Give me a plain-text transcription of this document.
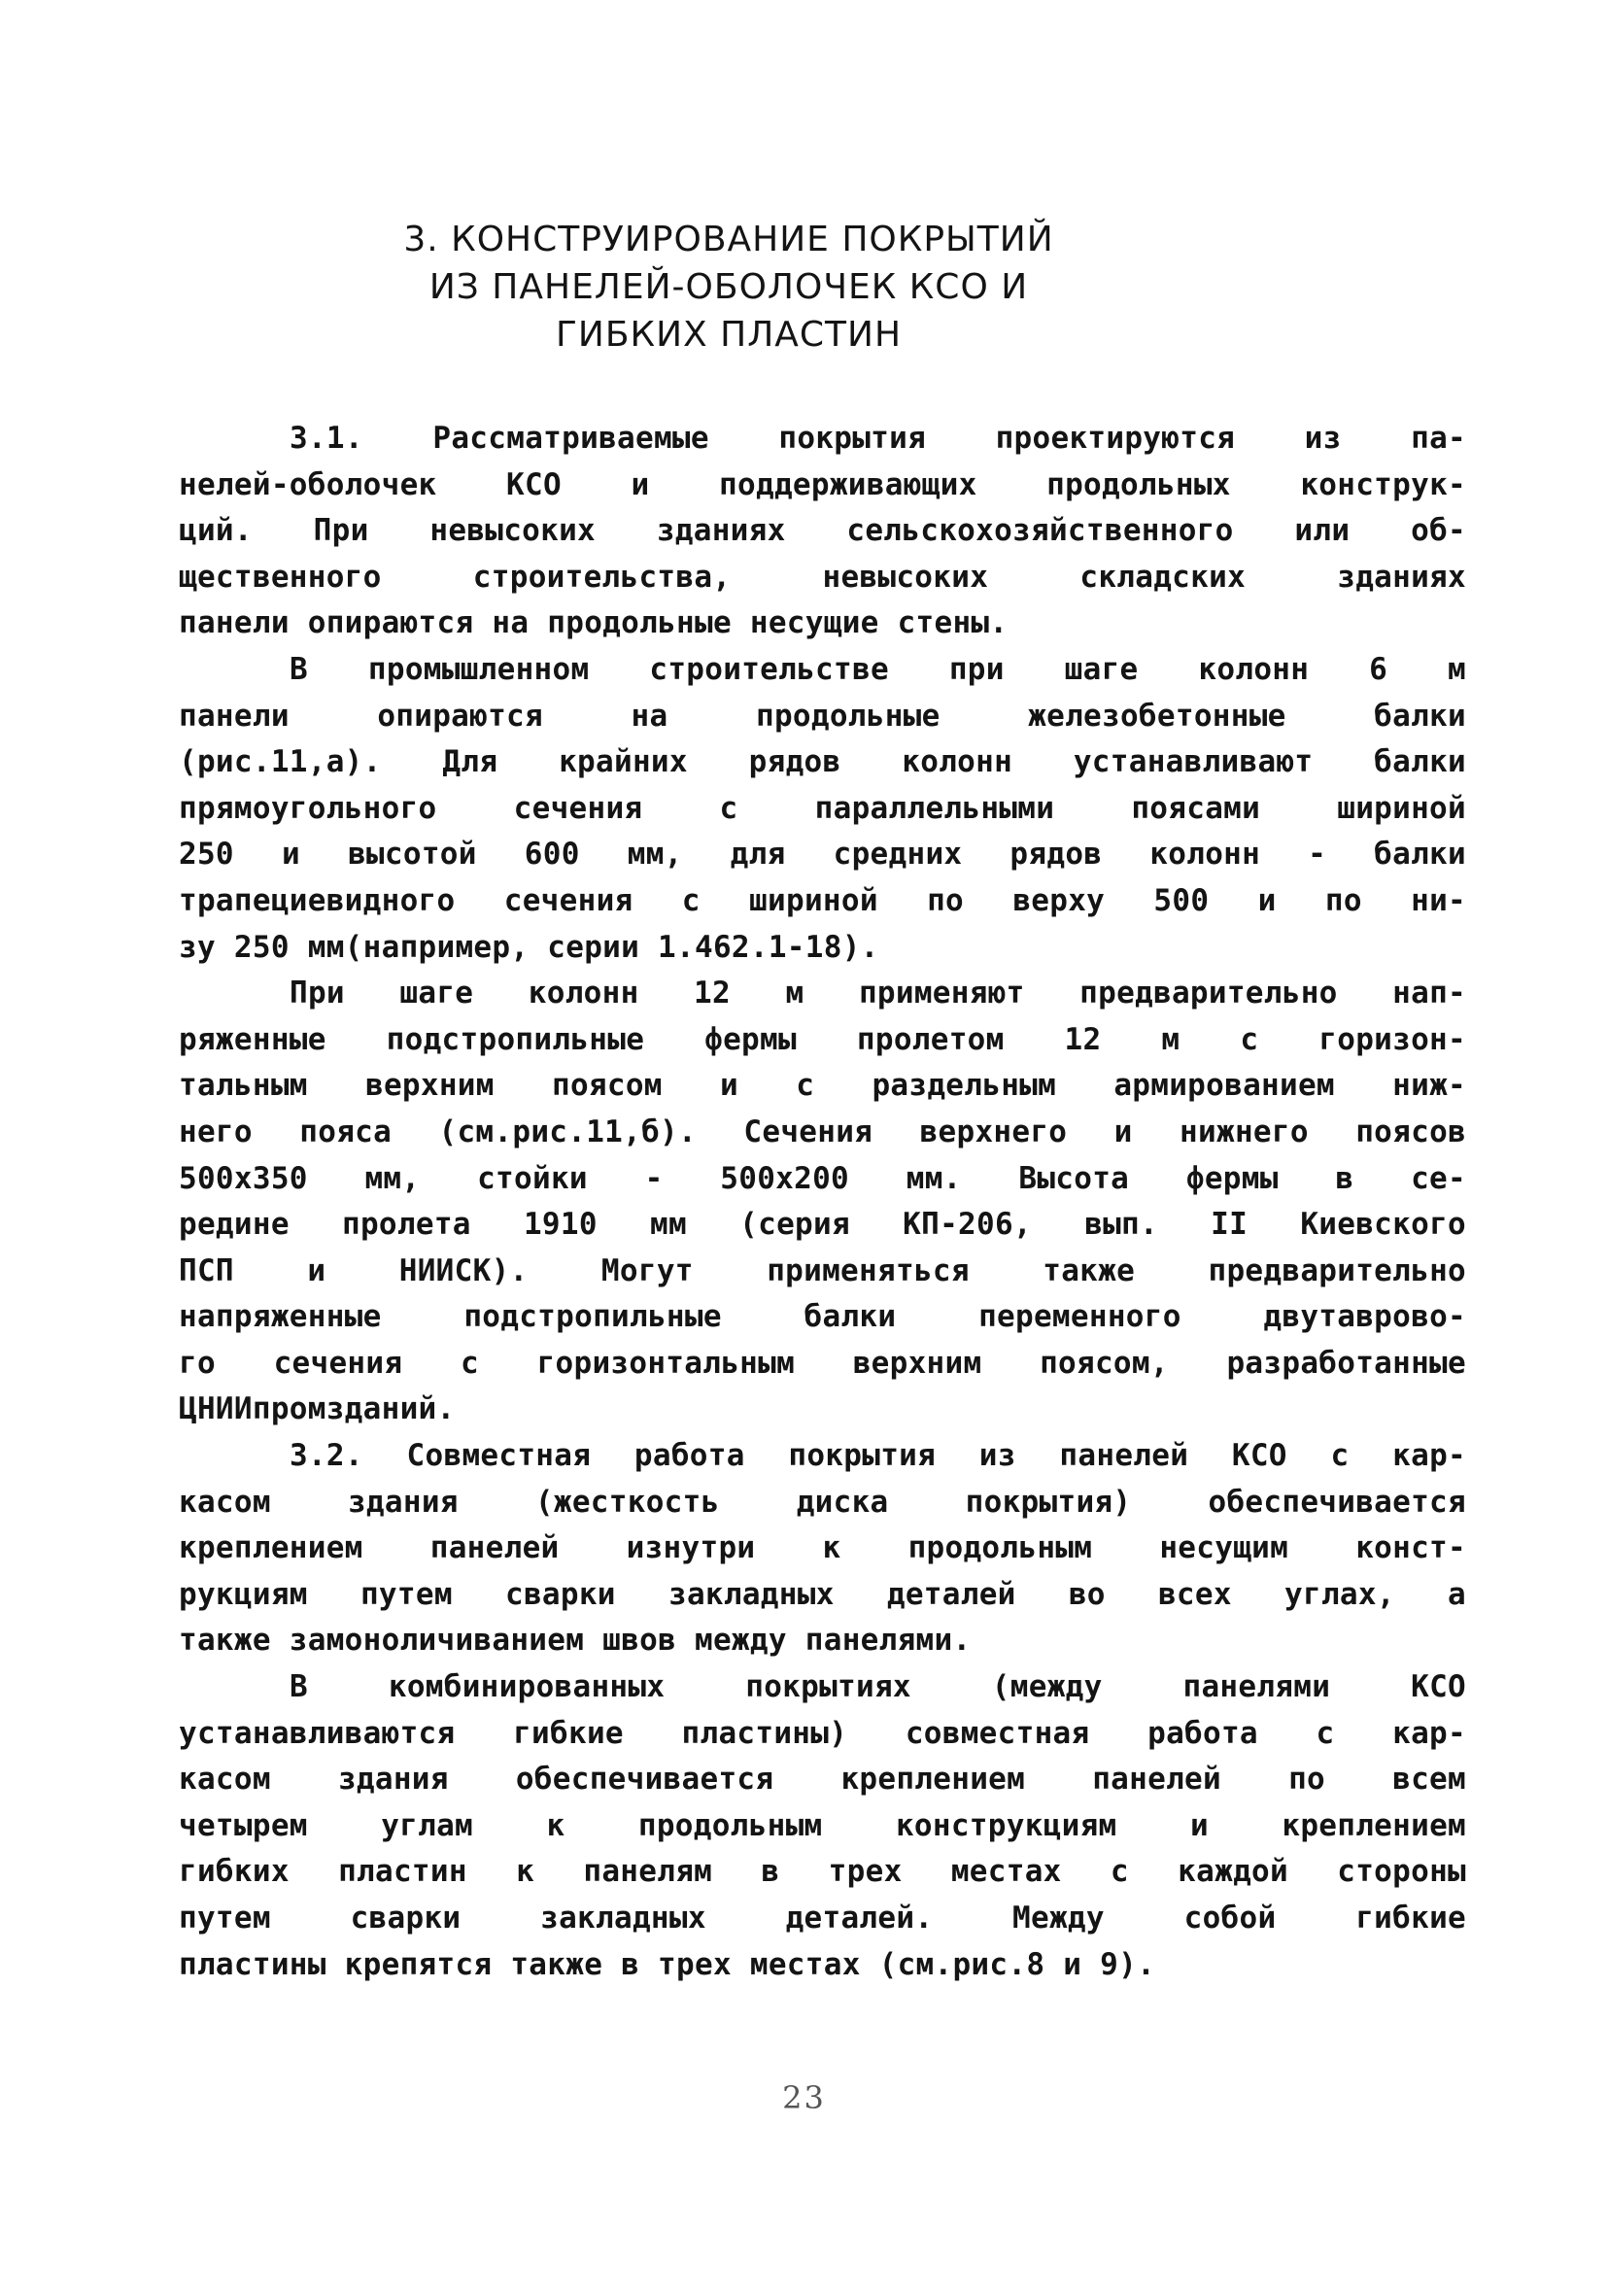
3. КОНСТРУИРОВАНИЕ ПОКРЫТИЙ
ИЗ ПАНЕЛЕЙ-ОБОЛОЧЕК КСО И
ГИБКИХ ПЛАСТИН
3.1. Рассматриваемые покрытия проектируются из па-
нелей-оболочек КСО и поддерживающих продольных конструк-
ций. При невысоких зданиях сельскохозяйственного или об-
щественного строительства, невысоких складских зданиях
панели опираются на продольные несущие стены.
В промышленном строительстве при шаге колонн 6 м
панели опираются на продольные железобетонные балки
(рис.11,а). Для крайних рядов колонн устанавливают балки
прямоугольного сечения с параллельными поясами шириной
250 и высотой 600 мм, для средних рядов колонн - балки
трапециевидного сечения с шириной по верху 500 и по ни-
зу 250 мм(например, серии 1.462.1-18).
При шаге колонн 12 м применяют предварительно нап-
ряженные подстропильные фермы пролетом 12 м с горизон-
тальным верхним поясом и с раздельным армированием ниж-
него пояса (см.рис.11,б). Сечения верхнего и нижнего поясов
500x350 мм, стойки - 500x200 мм. Высота фермы в се-
редине пролета 1910 мм (серия КП-206, вып. II Киевского
ПСП и НИИСК). Могут применяться также предварительно
напряженные подстропильные балки переменного двутаврово-
го сечения с горизонтальным верхним поясом, разработанные
ЦНИИпромзданий.
3.2. Совместная работа покрытия из панелей КСО с кар-
касом здания (жесткость диска покрытия) обеспечивается
креплением панелей изнутри к продольным несущим конст-
рукциям путем сварки закладных деталей во всех углах, а
также замоноличиванием швов между панелями.
В комбинированных покрытиях (между панелями КСО
устанавливаются гибкие пластины) совместная работа с кар-
касом здания обеспечивается креплением панелей по всем
четырем углам к продольным конструкциям и креплением
гибких пластин к панелям в трех местах с каждой стороны
путем сварки закладных деталей. Между собой гибкие
пластины крепятся также в трех местах (см.рис.8 и 9).
23
